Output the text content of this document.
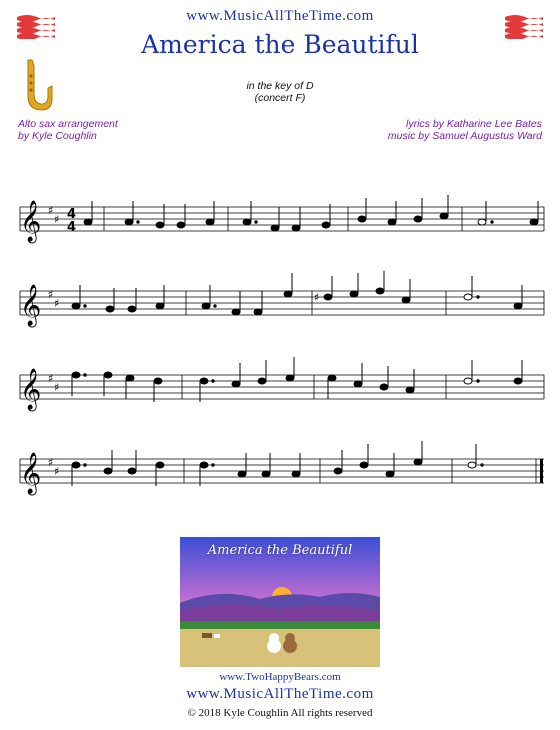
www.MusicAllTheTime.com
America the Beautiful
in the key of D
(concert F)
Alto sax arrangement
by Kyle Coughlin
lyrics by Katharine Lee Bates
music by Samuel Augustus Ward
𝄞 ♯
♯ 4
4
𝄞 ♯
♯	♯
𝄞 ♯
♯
𝄞 ♯
♯
America the Beautiful
www.TwoHappyBears.com
www.MusicAllTheTime.com
© 2018 Kyle Coughlin All rights reserved
